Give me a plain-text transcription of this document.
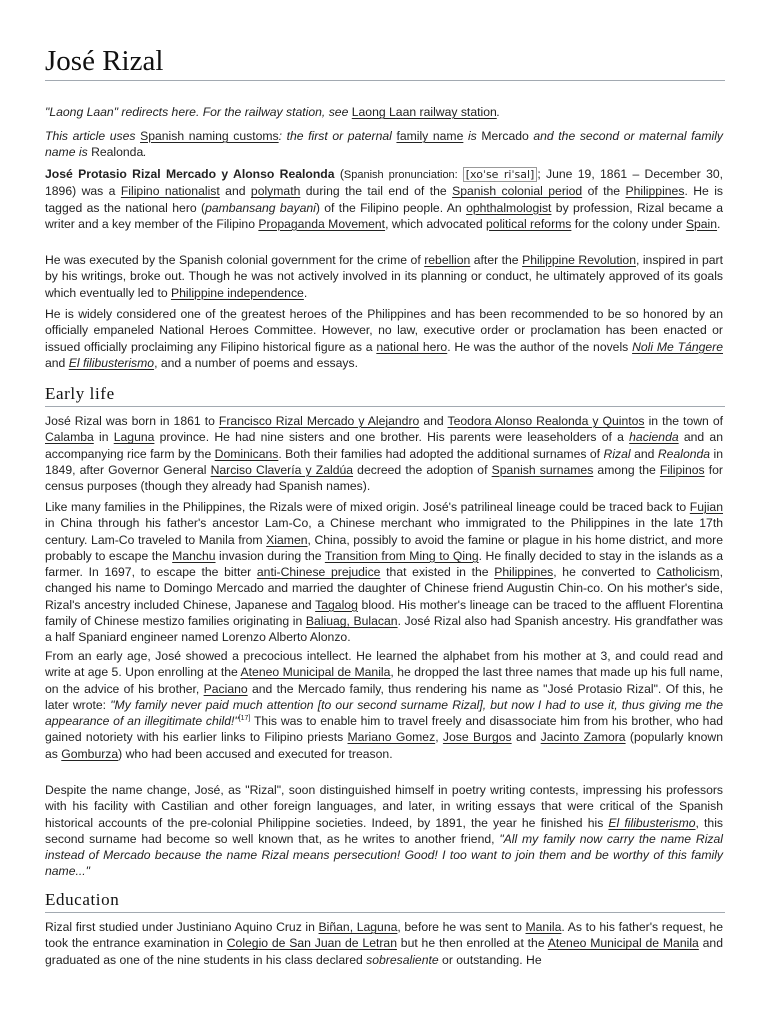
José Rizal

"Laong Laan" redirects here. For the railway station, see Laong Laan railway station.

This article uses Spanish naming customs: the first or paternal family name is Mercado and the second or maternal family name is Realonda.

José Protasio Rizal Mercado y Alonso Realonda (Spanish pronunciation: [xoˈse riˈsal] ; June 19, 1861 – December 30, 1896) was a Filipino nationalist and polymath during the tail end of the Spanish colonial period of the Philippines. He is tagged as the national hero (pambansang bayani) of the Filipino people. An ophthalmologist by profession, Rizal became a writer and a key member of the Filipino Propaganda Movement, which advocated political reforms for the colony under Spain.

He was executed by the Spanish colonial government for the crime of rebellion after the Philippine Revolution, inspired in part by his writings, broke out. Though he was not actively involved in its planning or conduct, he ultimately approved of its goals which eventually led to Philippine independence.

He is widely considered one of the greatest heroes of the Philippines and has been recommended to be so honored by an officially empaneled National Heroes Committee. However, no law, executive order or proclamation has been enacted or issued officially proclaiming any Filipino historical figure as a national hero. He was the author of the novels Noli Me Tángere and El filibusterismo, and a number of poems and essays.

Early life

José Rizal was born in 1861 to Francisco Rizal Mercado y Alejandro and Teodora Alonso Realonda y Quintos in the town of Calamba in Laguna province. He had nine sisters and one brother. His parents were leaseholders of a hacienda and an accompanying rice farm by the Dominicans. Both their families had adopted the additional surnames of Rizal and Realonda in 1849, after Governor General Narciso Clavería y Zaldúa decreed the adoption of Spanish surnames among the Filipinos for census purposes (though they already had Spanish names).

Like many families in the Philippines, the Rizals were of mixed origin. José's patrilineal lineage could be traced back to Fujian in China through his father's ancestor Lam-Co, a Chinese merchant who immigrated to the Philippines in the late 17th century. Lam-Co traveled to Manila from Xiamen, China, possibly to avoid the famine or plague in his home district, and more probably to escape the Manchu invasion during the Transition from Ming to Qing. He finally decided to stay in the islands as a farmer. In 1697, to escape the bitter anti-Chinese prejudice that existed in the Philippines, he converted to Catholicism, changed his name to Domingo Mercado and married the daughter of Chinese friend Augustin Chin-co. On his mother's side, Rizal's ancestry included Chinese, Japanese and Tagalog blood. His mother's lineage can be traced to the affluent Florentina family of Chinese mestizo families originating in Baliuag, Bulacan. José Rizal also had Spanish ancestry. His grandfather was a half Spaniard engineer named Lorenzo Alberto Alonzo.

From an early age, José showed a precocious intellect. He learned the alphabet from his mother at 3, and could read and write at age 5. Upon enrolling at the Ateneo Municipal de Manila, he dropped the last three names that made up his full name, on the advice of his brother, Paciano and the Mercado family, thus rendering his name as "José Protasio Rizal". Of this, he later wrote: "My family never paid much attention [to our second surname Rizal], but now I had to use it, thus giving me the appearance of an illegitimate child!"[17] This was to enable him to travel freely and disassociate him from his brother, who had gained notoriety with his earlier links to Filipino priests Mariano Gomez, Jose Burgos and Jacinto Zamora (popularly known as Gomburza) who had been accused and executed for treason.

Despite the name change, José, as "Rizal", soon distinguished himself in poetry writing contests, impressing his professors with his facility with Castilian and other foreign languages, and later, in writing essays that were critical of the Spanish historical accounts of the pre-colonial Philippine societies. Indeed, by 1891, the year he finished his El filibusterismo, this second surname had become so well known that, as he writes to another friend, "All my family now carry the name Rizal instead of Mercado because the name Rizal means persecution! Good! I too want to join them and be worthy of this family name..."

Education

Rizal first studied under Justiniano Aquino Cruz in Biñan, Laguna, before he was sent to Manila. As to his father's request, he took the entrance examination in Colegio de San Juan de Letran but he then enrolled at the Ateneo Municipal de Manila and graduated as one of the nine students in his class declared sobresaliente or outstanding. He
